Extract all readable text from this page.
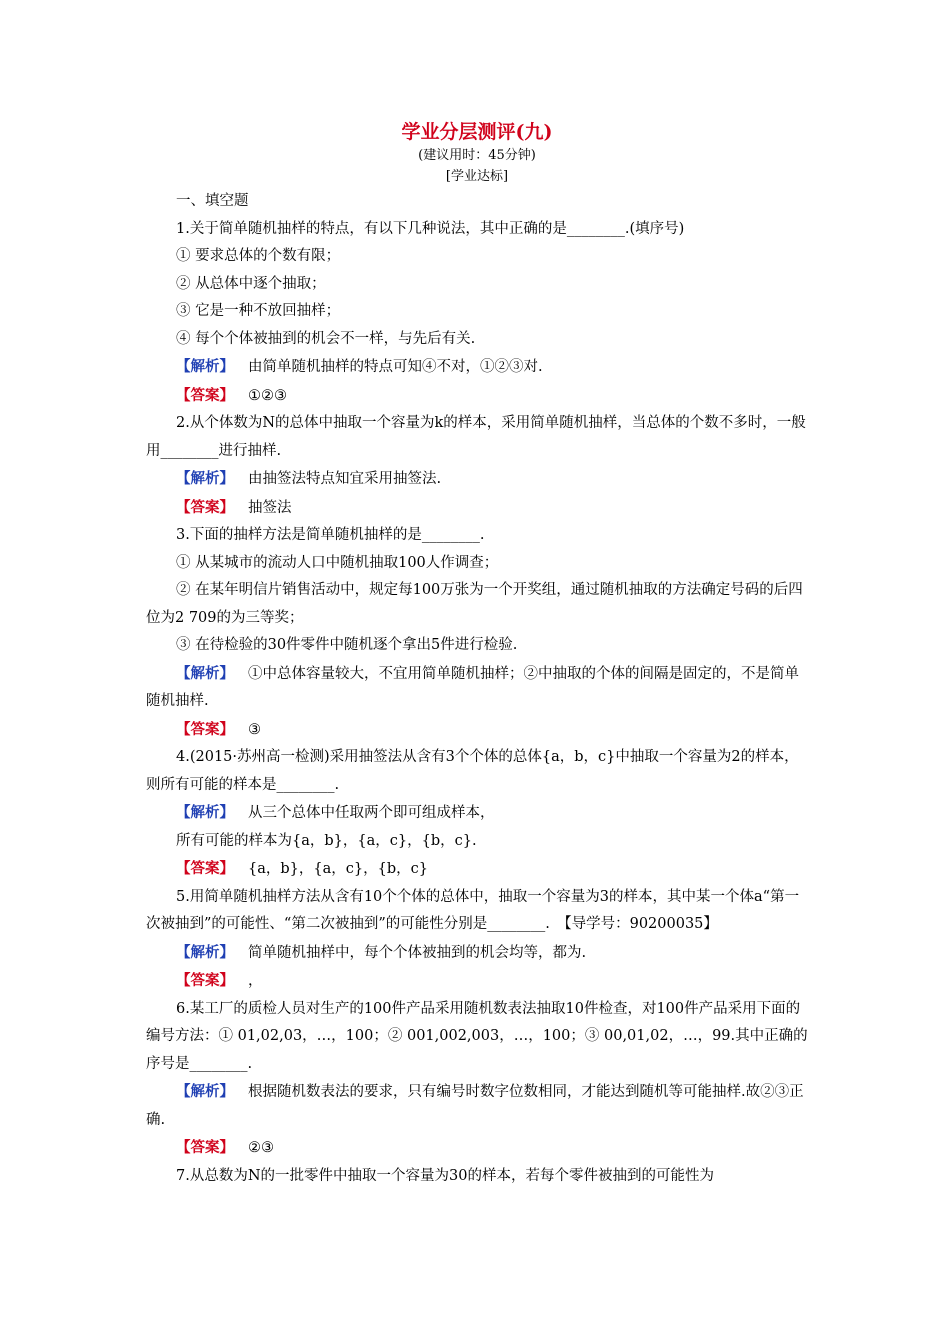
学业分层测评(九)

(建议用时：45分钟)

[学业达标]

一、填空题

1.关于简单随机抽样的特点，有以下几种说法，其中正确的是________.(填序号)

① 要求总体的个数有限；

② 从总体中逐个抽取；

③ 它是一种不放回抽样；

④ 每个个体被抽到的机会不一样，与先后有关.

【解析】 由简单随机抽样的特点可知④不对，①②③对.

【答案】 ①②③

2.从个体数为N的总体中抽取一个容量为k的样本，采用简单随机抽样，当总体的个数不多时，一般用________进行抽样.

【解析】 由抽签法特点知宜采用抽签法.

【答案】 抽签法

3.下面的抽样方法是简单随机抽样的是________.

① 从某城市的流动人口中随机抽取100人作调查；

② 在某年明信片销售活动中，规定每100万张为一个开奖组，通过随机抽取的方法确定号码的后四位为2 709的为三等奖；

③ 在待检验的30件零件中随机逐个拿出5件进行检验.

【解析】 ①中总体容量较大，不宜用简单随机抽样；②中抽取的个体的间隔是固定的，不是简单随机抽样.

【答案】 ③

4.(2015·苏州高一检测)采用抽签法从含有3个个体的总体{a，b，c}中抽取一个容量为2的样本，则所有可能的样本是________.

【解析】 从三个总体中任取两个即可组成样本，

所有可能的样本为{a，b}，{a，c}，{b，c}.

【答案】 {a，b}，{a，c}，{b，c}

5.用简单随机抽样方法从含有10个个体的总体中，抽取一个容量为3的样本，其中某一个体a“第一次被抽到”的可能性、“第二次被抽到”的可能性分别是________.　【导学号：90200035】

【解析】 简单随机抽样中，每个个体被抽到的机会均等，都为.

【答案】 ，

6.某工厂的质检人员对生产的100件产品采用随机数表法抽取10件检查，对100件产品采用下面的编号方法：① 01,02,03，…，100；② 001,002,003，…，100；③ 00,01,02，…，99.其中正确的序号是________.

【解析】 根据随机数表法的要求，只有编号时数字位数相同，才能达到随机等可能抽样.故②③正确.

【答案】 ②③

7.从总数为N的一批零件中抽取一个容量为30的样本，若每个零件被抽到的可能性为
